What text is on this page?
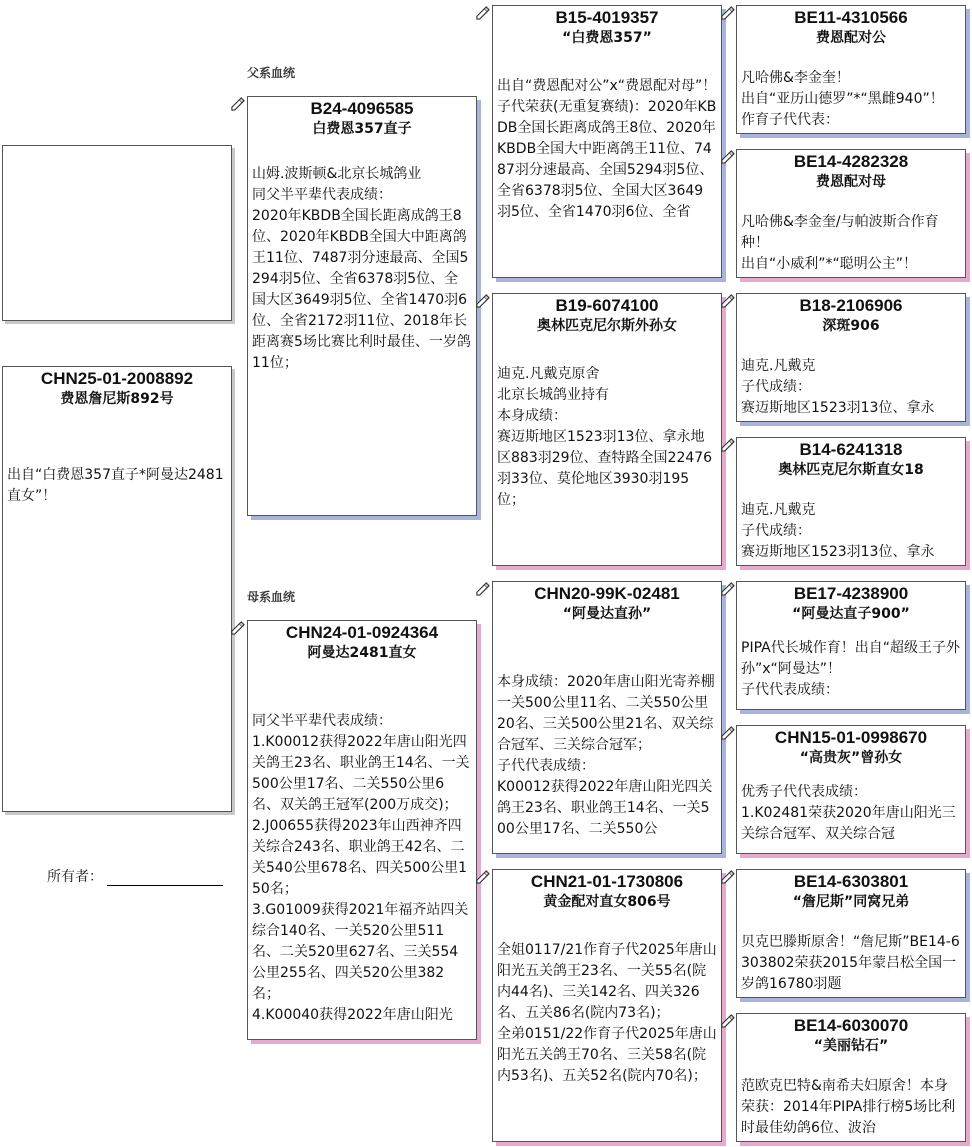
CHN25-01-2008892
费恩詹尼斯892号
出自“白费恩357直子*阿曼达2481直女”！
所有者：
父系血统
母系血统
B24-4096585
白费恩357直子
山姆.波斯顿&北京长城鸽业
同父半平辈代表成绩：
2020年KBDB全国长距离成鸽王8位、2020年KBDB全国大中距离鸽王11位、7487羽分速最高、全国5294羽5位、全省6378羽5位、全国大区3649羽5位、全省1470羽6位、全省2172羽11位、2018年长距离赛5场比赛比利时最佳、一岁鸽11位；
CHN24-01-0924364
阿曼达2481直女
同父半平辈代表成绩：
1.K00012获得2022年唐山阳光四关鸽王23名、职业鸽王14名、一关500公里17名、二关550公里6名、双关鸽王冠军(200万成交)；
2.J00655获得2023年山西神齐四关综合243名、职业鸽王42名、二关540公里678名、四关500公里150名；
3.G01009获得2021年福齐站四关综合140名、一关520公里511名、二关520里627名、三关554公里255名、四关520公里382名；
4.K00040获得2022年唐山阳光
B15-4019357
“白费恩357”
出自“费恩配对公”x“费恩配对母”！
子代荣获(无重复赛绩)：2020年KBDB全国长距离成鸽王8位、2020年KBDB全国大中距离鸽王11位、7487羽分速最高、全国5294羽5位、全省6378羽5位、全国大区3649羽5位、全省1470羽6位、全省
B19-6074100
奥林匹克尼尔斯外孙女
迪克.凡戴克原舍
北京长城鸽业持有
本身成绩：
赛迈斯地区1523羽13位、拿永地区883羽29位、查特路全国22476羽33位、莫伦地区3930羽195位；
CHN20-99K-02481
“阿曼达直孙”
本身成绩：2020年唐山阳光寄养棚一关500公里11名、二关550公里20名、三关500公里21名、双关综合冠军、三关综合冠军；
子代代表成绩：
K00012获得2022年唐山阳光四关鸽王23名、职业鸽王14名、一关500公里17名、二关550公
CHN21-01-1730806
黄金配对直女806号
全姐0117/21作育子代2025年唐山阳光五关鸽王23名、一关55名(院内44名)、三关142名、四关326名、五关86名(院内73名)；
全弟0151/22作育子代2025年唐山阳光五关鸽王70名、三关58名(院内53名)、五关52名(院内70名)；
BE11-4310566
费恩配对公
凡哈佛&李金奎！
出自“亚历山德罗”*“黑雌940”！
作育子代代表：
BE14-4282328
费恩配对母
凡哈佛&李金奎/与帕波斯合作育种！
出自“小威利”*“聪明公主”！
B18-2106906
深斑906
迪克.凡戴克
子代成绩：
赛迈斯地区1523羽13位、拿永
B14-6241318
奥林匹克尼尔斯直女18
迪克.凡戴克
子代成绩：
赛迈斯地区1523羽13位、拿永
BE17-4238900
“阿曼达直子900”
PIPA代长城作育！出自“超级王子外孙”x“阿曼达”！
子代代表成绩：
CHN15-01-0998670
“高贵灰”曾孙女
优秀子代代表成绩：
1.K02481荣获2020年唐山阳光三关综合冠军、双关综合冠
BE14-6303801
“詹尼斯”同窝兄弟
贝克巴滕斯原舍！“詹尼斯”BE14-6303802荣获2015年蒙吕松全国一岁鸽16780羽题
BE14-6030070
“美丽钻石”
范欧克巴特&南希夫妇原舍！本身荣获：2014年PIPA排行榜5场比利时最佳幼鸽6位、波治
